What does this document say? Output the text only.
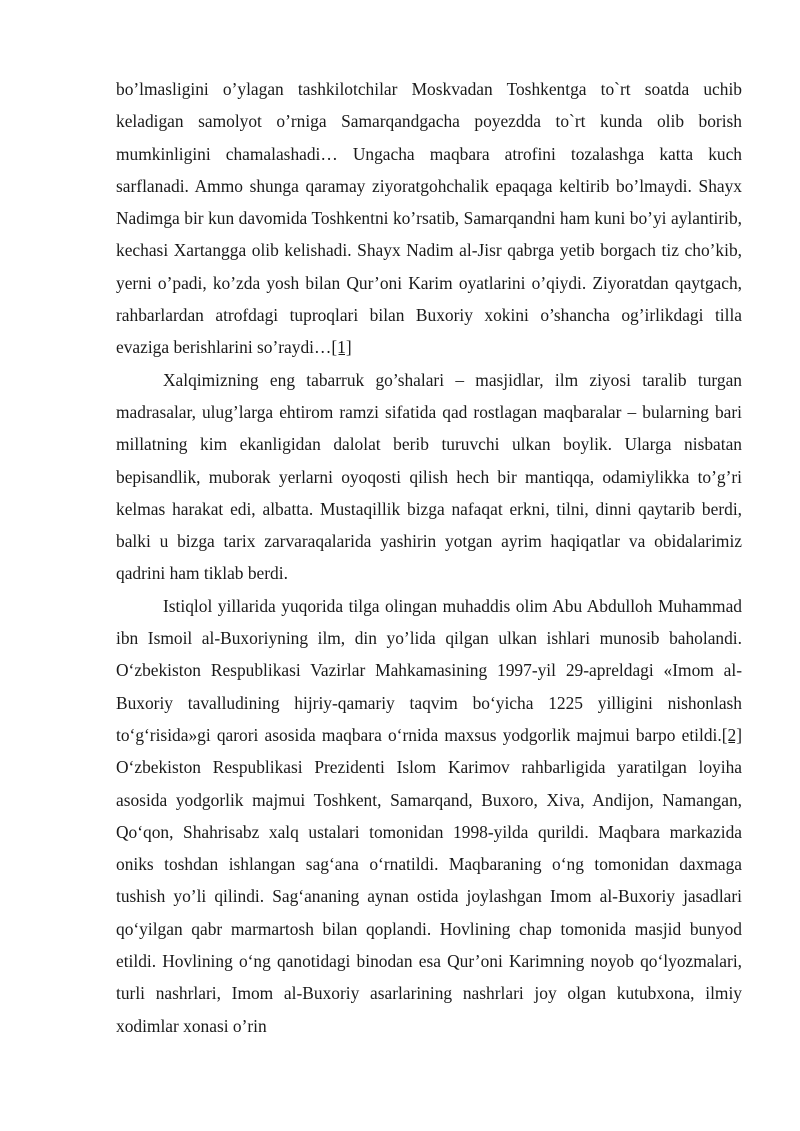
bo’lmasligini o’ylagan tashkilotchilar Moskvadan Toshkentga to`rt soatda uchib keladigan samolyot o’rniga Samarqandgacha poyezdda to`rt kunda olib borish mumkinligini chamalashadi… Ungacha maqbara atrofini tozalashga katta kuch sarflanadi. Ammo shunga qaramay ziyoratgohchalik epaqaga keltirib bo’lmaydi. Shayx Nadimga bir kun davomida Toshkentni ko’rsatib, Samarqandni ham kuni bo’yi aylantirib, kechasi Xartangga olib kelishadi. Shayx Nadim al-Jisr qabrga yetib borgach tiz cho’kib, yerni o’padi, ko’zda yosh bilan Qur’oni Karim oyatlarini o’qiydi. Ziyoratdan qaytgach, rahbarlardan atrofdagi tuproqlari bilan Buxoriy xokini o’shancha og’irlikdagi tilla evaziga berishlarini so’raydi…[1]

Xalqimizning eng tabarruk go’shalari – masjidlar, ilm ziyosi taralib turgan madrasalar, ulug’larga ehtirom ramzi sifatida qad rostlagan maqbaralar – bularning bari millatning kim ekanligidan dalolat berib turuvchi ulkan boylik. Ularga nisbatan bepisandlik, muborak yerlarni oyoqosti qilish hech bir mantiqqa, odamiylikka to’g’ri kelmas harakat edi, albatta. Mustaqillik bizga nafaqat erkni, tilni, dinni qaytarib berdi, balki u bizga tarix zarvaraqalarida yashirin yotgan ayrim haqiqatlar va obidalarimiz qadrini ham tiklab berdi.

Istiqlol yillarida yuqorida tilga olingan muhaddis olim Abu Abdulloh Muhammad ibn Ismoil al-Buxoriyning ilm, din yo’lida qilgan ulkan ishlari munosib baholandi. O‘zbekiston Respublikasi Vazirlar Mahkamasining 1997-yil 29-apreldagi «Imom al-Buxoriy tavalludining hijriy-qamariy taqvim bo‘yicha 1225 yilligini nishonlash to‘g‘risida»gi qarori asosida maqbara o‘rnida maxsus yodgorlik majmui barpo etildi.[2] O‘zbekiston Respublikasi Prezidenti Islom Karimov rahbarligida yaratilgan loyiha asosida yodgorlik majmui Toshkent, Samarqand, Buxoro, Xiva, Andijon, Namangan, Qo‘qon, Shahrisabz xalq ustalari tomonidan 1998-yilda qurildi. Maqbara markazida oniks toshdan ishlangan sag‘ana o‘rnatildi. Maqbaraning o‘ng tomonidan daxmaga tushish yo’li qilindi. Sag‘ananing aynan ostida joylashgan Imom al-Buxoriy jasadlari qo‘yilgan qabr marmartosh bilan qoplandi. Hovlining chap tomonida masjid bunyod etildi. Hovlining o‘ng qanotidagi binodan esa Qur’oni Karimning noyob qo‘lyozmalari, turli nashrlari, Imom al-Buxoriy asarlarining nashrlari joy olgan kutubxona, ilmiy xodimlar xonasi o’rin
